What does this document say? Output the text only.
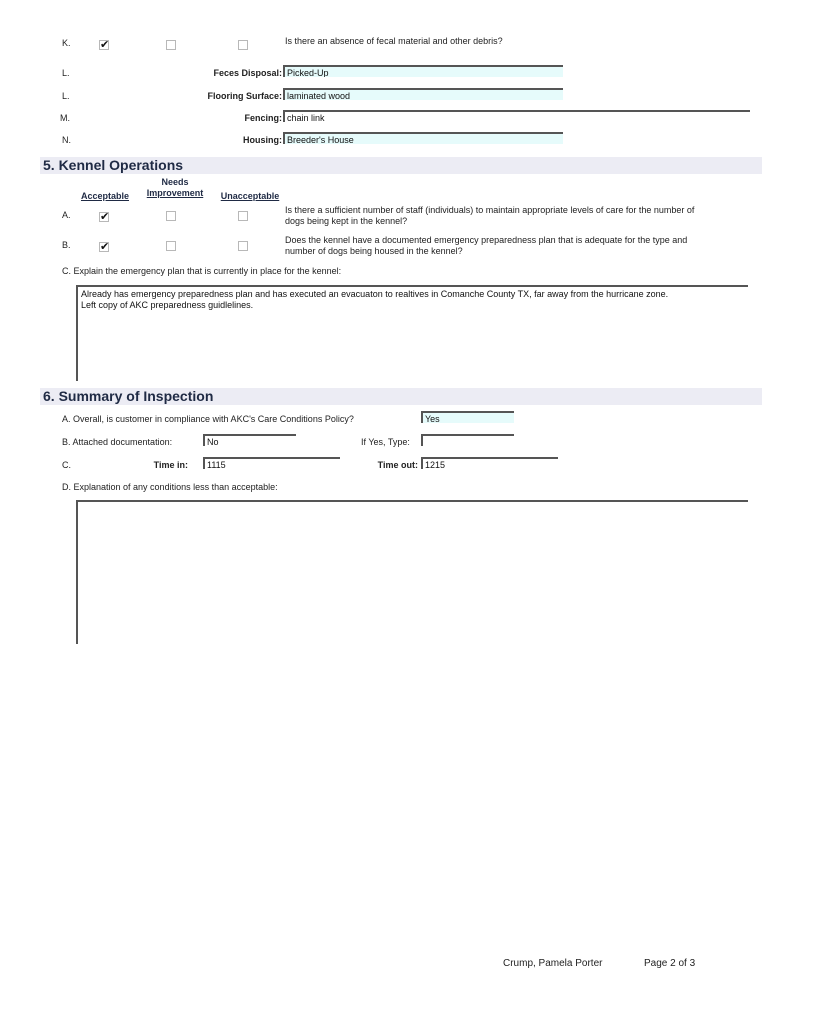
K.
✔	Is there an absence of fecal material and other debris?
L.	Feces Disposal: Picked-Up
L.	Flooring Surface: laminated wood
M.	Fencing: chain link
N.	Housing: Breeder's House
5. Kennel Operations
Needs
Improvement
Acceptable	Unacceptable
A.
✔	Is there a sufficient number of staff (individuals) to maintain appropriate levels of care for the number of
dogs being kept in the kennel?
B.
✔	Does the kennel have a documented emergency preparedness plan that is adequate for the type and
number of dogs being housed in the kennel?
C. Explain the emergency plan that is currently in place for the kennel:
Already has emergency preparedness plan and has executed an evacuaton to realtives in Comanche County TX, far away from the hurricane zone.
Left copy of AKC preparedness guidlelines.
6. Summary of Inspection
A. Overall, is customer in compliance with AKC's Care Conditions Policy?	Yes
B. Attached documentation:	No	If Yes, Type:
C.	Time in:	1115	Time out: 1215
D. Explanation of any conditions less than acceptable:
Crump, Pamela Porter	Page 2 of 3
